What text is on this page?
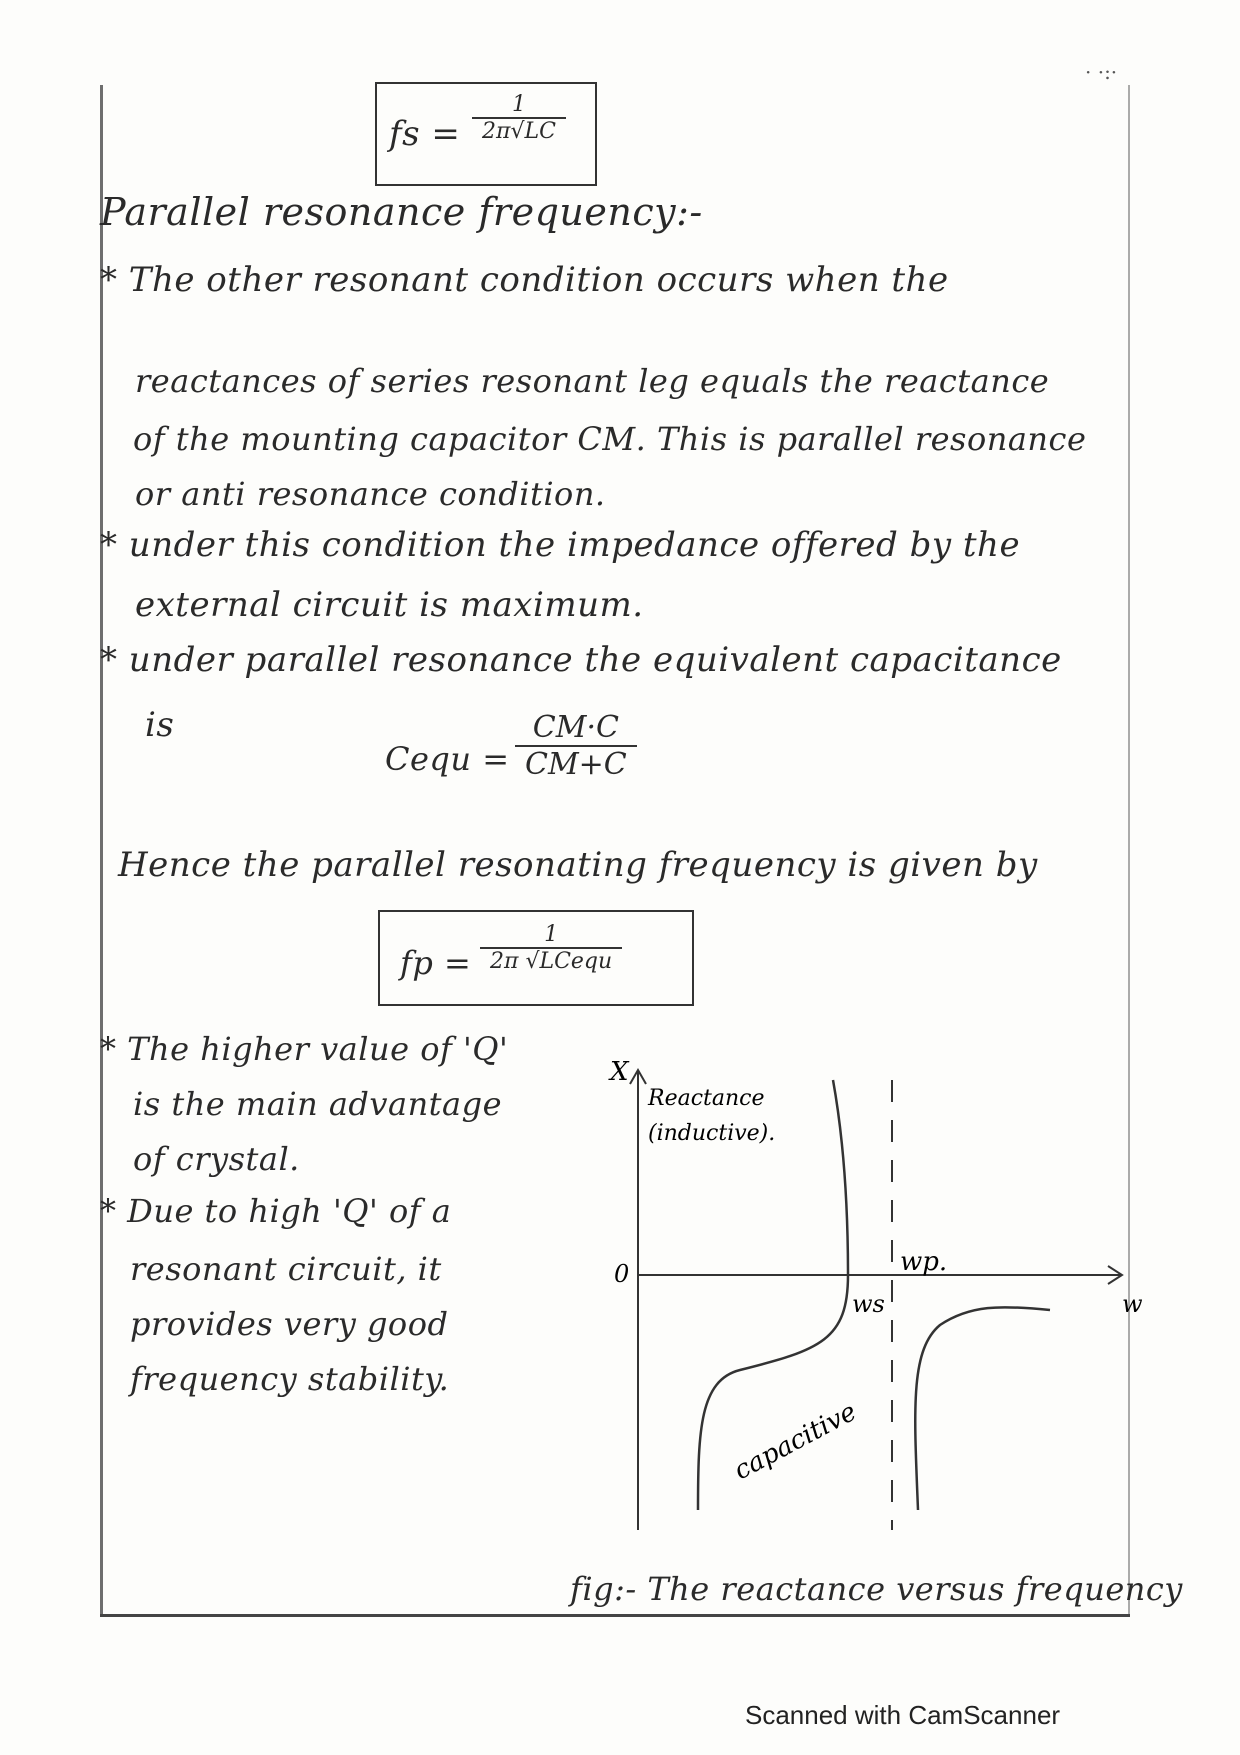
· ·:·
fs = $\frac{1}{2\pi√LC}$
Parallel resonance frequency:-
* The other resonant condition occurs when the
reactances of series resonant leg equals the reactance
of the mounting capacitor CM. This is parallel resonance
or anti resonance condition.
* under this condition the impedance offered by the
external circuit is maximum.
* under parallel resonance the equivalent capacitance
is
Cequ = $\frac{CM\cdot C}{CM+C}$
Hence the parallel resonating frequency is given by
fp =
1
2π √LCequ
* The higher value of 'Q'
is the main advantage
of crystal.
* Due to high 'Q' of a
resonant circuit, it
provides very good
frequency stability.
X
Reactance
(inductive).
0
ws
wp.
w
capacitive
fig:- The reactance versus frequency
Scanned with CamScanner
